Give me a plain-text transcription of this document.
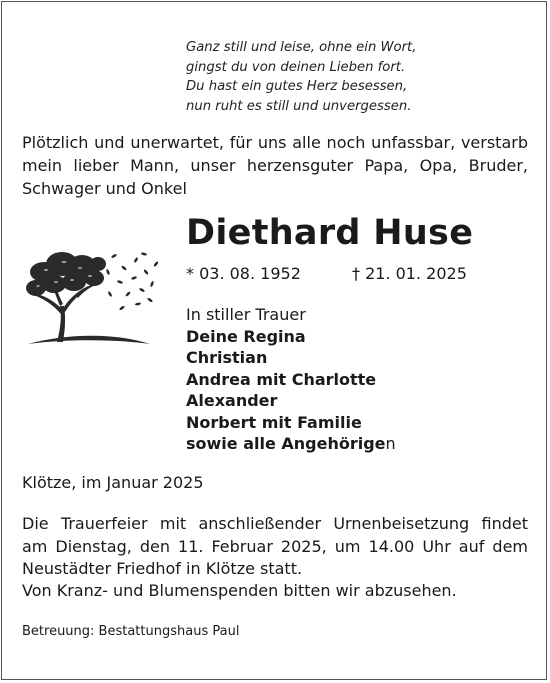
Ganz still und leise, ohne ein Wort,
gingst du von deinen Lieben fort.
Du hast ein gutes Herz besessen,
nun ruht es still und unvergessen.
Plötzlich und unerwartet, für uns alle noch unfassbar, verstarb
mein lieber Mann, unser herzensguter Papa, Opa, Bruder,
Schwager und Onkel
Diethard Huse
* 03. 08. 1952	† 21. 01. 2025
In stiller Trauer
Deine Regina
Christian
Andrea mit Charlotte
Alexander
Norbert mit Familie
sowie alle Angehörigen
Klötze, im Januar 2025
Die Trauerfeier mit anschließender Urnenbeisetzung findet
am Dienstag, den 11. Februar 2025, um 14.00 Uhr auf dem
Neustädter Friedhof in Klötze statt.
Von Kranz- und Blumenspenden bitten wir abzusehen.
Betreuung: Bestattungshaus Paul
